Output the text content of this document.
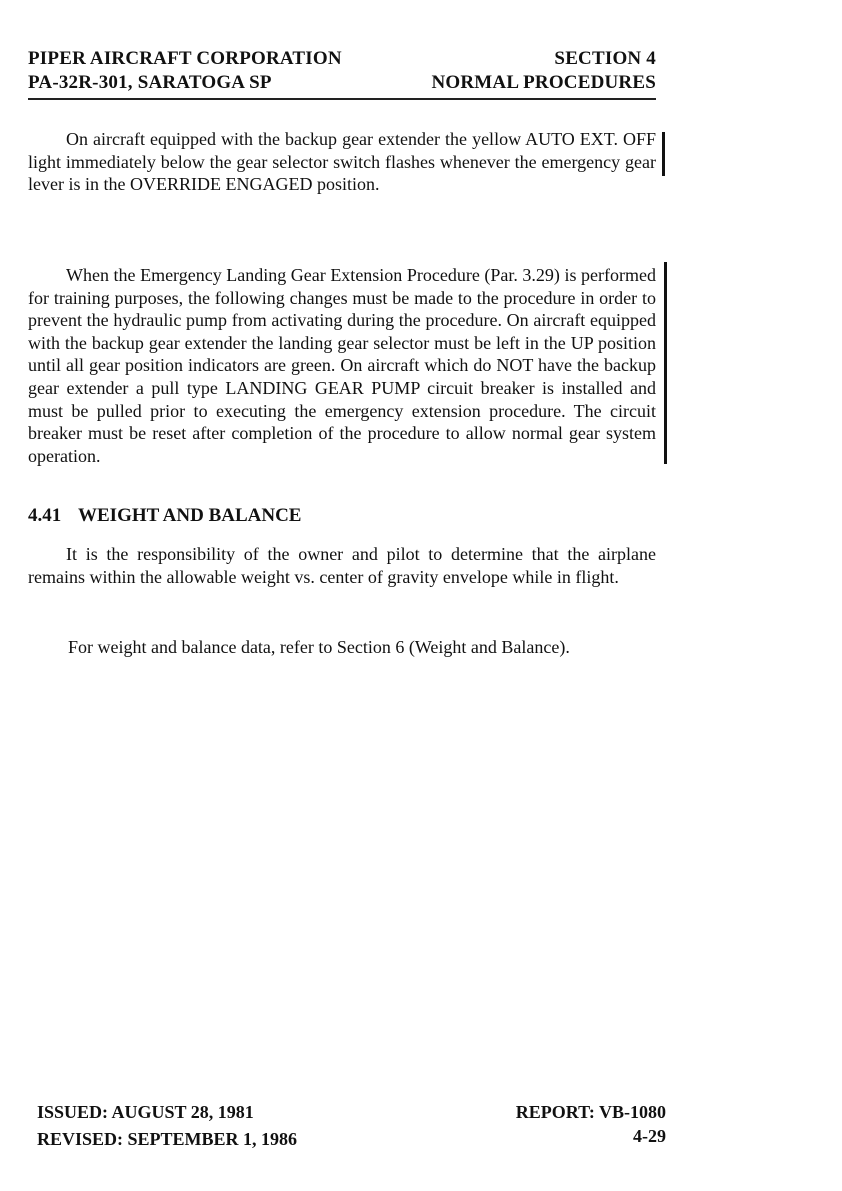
PIPER AIRCRAFT CORPORATION
PA-32R-301, SARATOGA SP
SECTION 4
NORMAL PROCEDURES

On aircraft equipped with the backup gear extender the yellow AUTO EXT. OFF light immediately below the gear selector switch flashes whenever the emergency gear lever is in the OVERRIDE ENGAGED position.

When the Emergency Landing Gear Extension Procedure (Par. 3.29) is performed for training purposes, the following changes must be made to the procedure in order to prevent the hydraulic pump from activating during the procedure. On aircraft equipped with the backup gear extender the landing gear selector must be left in the UP position until all gear position indicators are green. On aircraft which do NOT have the backup gear extender a pull type LANDING GEAR PUMP circuit breaker is installed and must be pulled prior to executing the emergency extension procedure. The circuit breaker must be reset after completion of the procedure to allow normal gear system operation.

4.41 WEIGHT AND BALANCE

It is the responsibility of the owner and pilot to determine that the airplane remains within the allowable weight vs. center of gravity envelope while in flight.

For weight and balance data, refer to Section 6 (Weight and Balance).
ISSUED: AUGUST 28, 1981
REVISED: SEPTEMBER 1, 1986
REPORT: VB-1080
4-29
